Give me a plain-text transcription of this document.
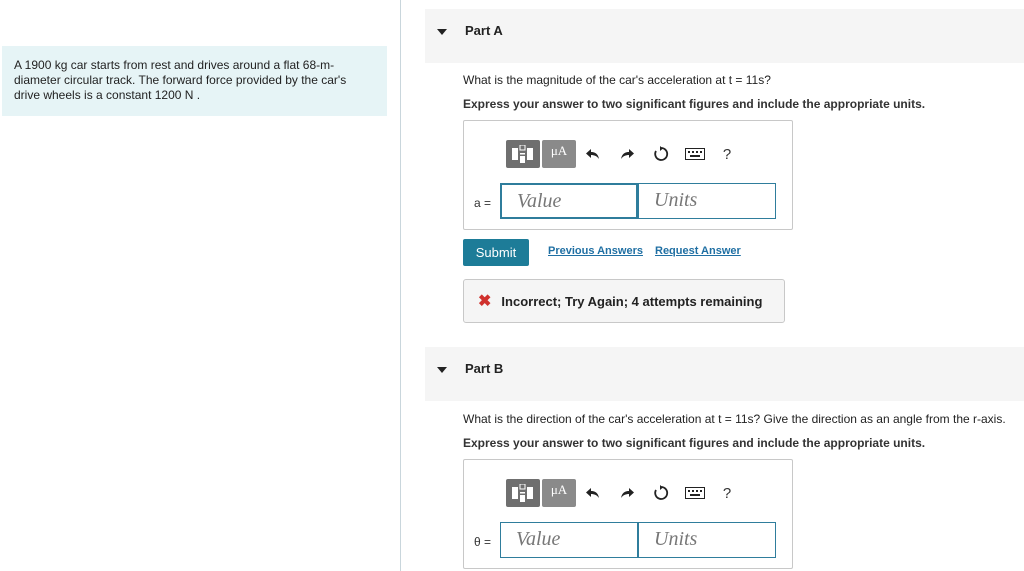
A 1900 kg car starts from rest and drives around a flat 68-m-diameter circular track. The forward force provided by the car's drive wheels is a constant 1200 N .
Part A
What is the magnitude of the car's acceleration at t = 11s?
Express your answer to two significant figures and include the appropriate units.
μA	?
a =	Value	Units
Submit	Previous Answers Request Answer
✖ Incorrect; Try Again; 4 attempts remaining
Part B
What is the direction of the car's acceleration at t = 11s? Give the direction as an angle from the r-axis.
Express your answer to two significant figures and include the appropriate units.
μA	?
θ =	Value	Units
